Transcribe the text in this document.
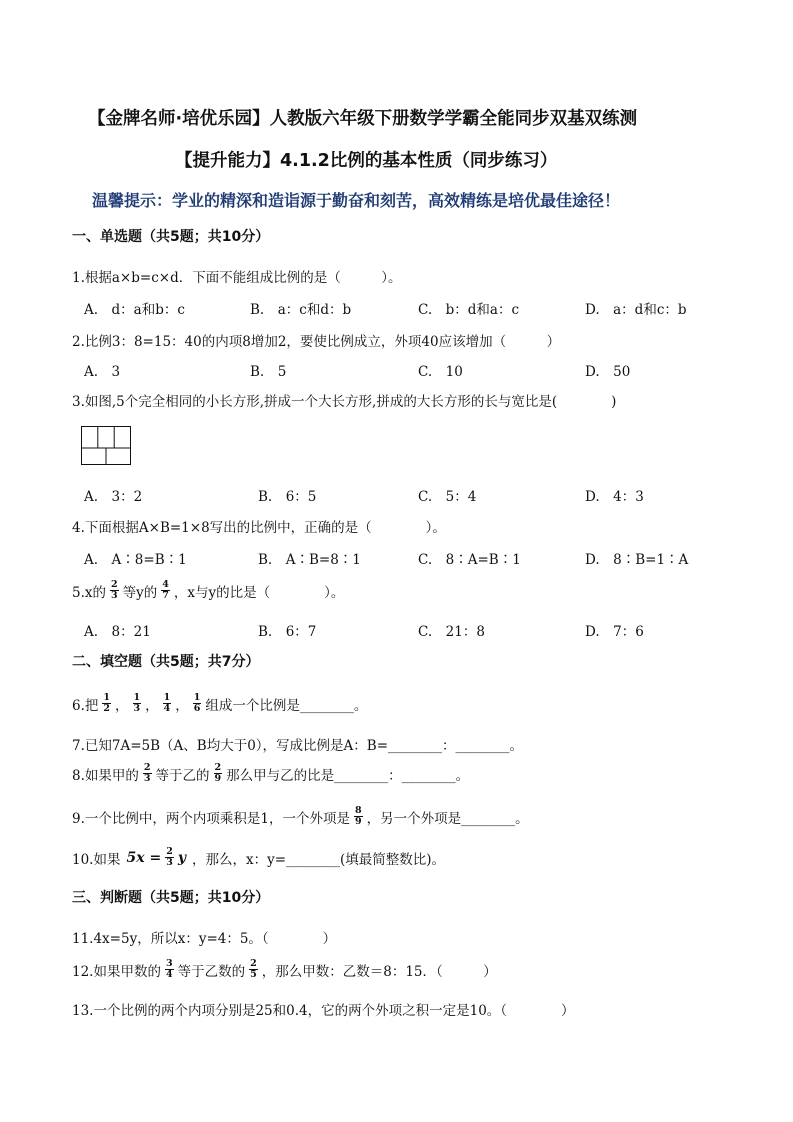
【金牌名师·培优乐园】人教版六年级下册数学学霸全能同步双基双练测
【提升能力】4.1.2比例的基本性质（同步练习）
温馨提示：学业的精深和造诣源于勤奋和刻苦，高效精练是培优最佳途径！
一、单选题（共5题；共10分）
1.根据a×b=c×d．下面不能组成比例的是（　　　）。
A.　d：a和b：c	B.　a：c和d：b	C.　b：d和a：c	D.　a：d和c：b
2.比例3：8=15：40的内项8增加2，要使比例成立，外项40应该增加（　　　）
A.　3	B.　5	C.　10	D.　50
3.如图,5个完全相同的小长方形,拼成一个大长方形,拼成的大长方形的长与宽比是(　　　　)
A.　3：2	B.　6：5	C.　5：4	D.　4：3
4.下面根据A×B=1×8写出的比例中，正确的是（　　　　）。
A.　A∶8=B∶1	B.　A∶B=8∶1	C.　8∶A=B∶1	D.　8∶B=1∶A
5.x的 $\frac{2}{3}$ 等y的 $\frac{4}{7}$ ，x与y的比是（　　　　）。
A.　8：21	B.　6：7	C.　21：8	D.　7：6
二、填空题（共5题；共7分）
6.把 $\frac{1}{2}$ ， $\frac{1}{3}$ ， $\frac{1}{4}$ ， $\frac{1}{6}$ 组成一个比例是________。
7.已知7A=5B（A、B均大于0），写成比例是A：B=________：________。
8.如果甲的 $\frac{2}{3}$ 等于乙的 $\frac{2}{9}$ 那么甲与乙的比是________：________。
9.一个比例中，两个内项乘积是1，一个外项是 $\frac{8}{9}$ ，另一个外项是________。
10.如果 $5x = \frac{2}{3}$ y ，那么，x：y=________(填最简整数比)。
三、判断题（共5题；共10分）
11.4x=5y，所以x：y=4：5。（　　　　）
12.如果甲数的 $\frac{3}{4}$ 等于乙数的 $\frac{2}{5}$ ，那么甲数：乙数＝8：15．（　　　）
13.一个比例的两个内项分别是25和0.4，它的两个外项之积一定是10。（　　　　）
